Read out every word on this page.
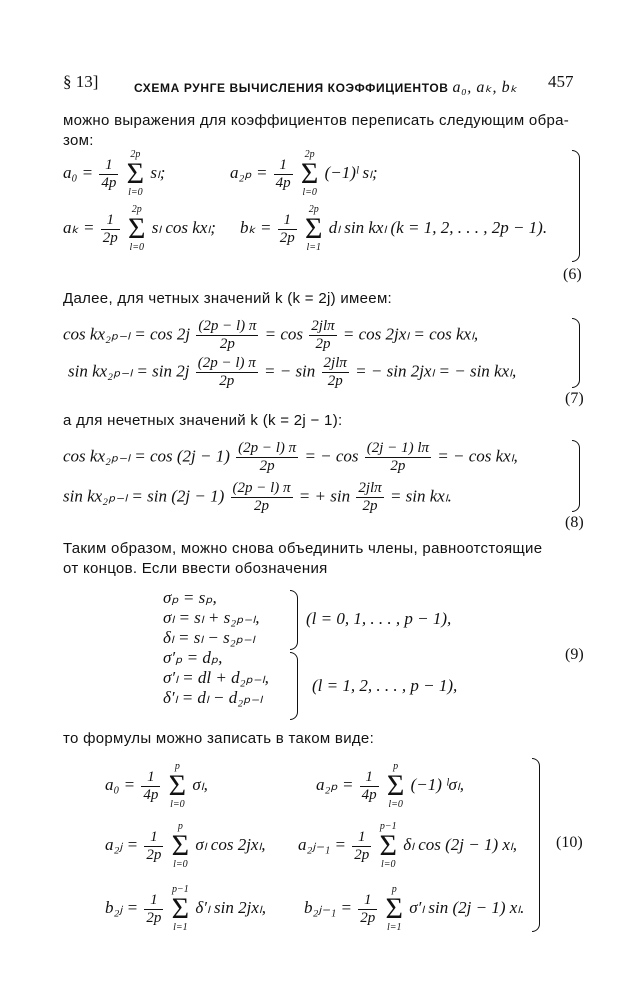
§ 13]	СХЕМА РУНГЕ ВЫЧИСЛЕНИЯ КОЭФФИЦИЕНТОВ a₀, aₖ, bₖ 457
можно выражения для коэффициентов переписать следующим обра-
зом:
$a_0 = \frac{1}{4p}$

2p
Σ
l=0
sₗ;	$a_{2p} = \frac{1}{4p}$

2p
Σ
l=0
(−1)ˡ sₗ;
$a_k = \frac{1}{2p}$

2p
Σ
l=0
sₗ cos kxₗ; $b_k = \frac{1}{2p}$

2p
Σ
l=1
dₗ sin kxₗ (k = 1, 2, . . . , 2p − 1).
(6)
Далее, для четных значений k (k = 2j) имеем:
$\cos kx_{2p-l} = \cos 2j \frac{(2p - l) \pi}{2p} = \cos \frac{\text{2jlπ}}{2p} = \cos 2jx_l = \cos kx_l$,
$\sin kx_{2p-l} = \sin 2j \frac{(2p - l) \pi}{2p}$ = − $\sin \frac{\text{2jlπ}}{2p}$ = − sin 2jxₗ = − sin kxₗ,
(7)
а для нечетных значений k (k = 2j − 1):
$\cos kx_{2p-l} = \cos (2j - 1) \frac{(2p - l) \pi}{2p}$ = − $\cos \frac{(2j - 1) l\pi}{2p}$ = − cos kxₗ,
$\sin kx_{2p-l} = \sin (2j - 1) \frac{(2p - l) \pi}{2p}$ = + $\sin \frac{\text{2jlπ}}{2p} = \sin kx_l$.
(8)
Таким образом, можно снова объединить члены, равноотстоящие
от концов. Если ввести обозначения
σₚ = sₚ,
σₗ = sₗ + s₂ₚ₋ₗ,
δₗ = sₗ − s₂ₚ₋ₗ
σ′ₚ = dₚ,
σ′ₗ = dl + d₂ₚ₋ₗ,
δ′ₗ = dₗ − d₂ₚ₋ₗ
(l = 0, 1, . . . , p − 1),
(l = 1, 2, . . . , p − 1),
(9)
то формулы можно записать в таком виде:
$a_0 = \frac{1}{4p}$

p
Σ
l=0
σₗ,	$a_{2p} = \frac{1}{4p}$

p
Σ
l=0
(−1) ˡσₗ,
a₂ⱼ = $\frac{1}{2p}$

p
Σ
l=0
σₗ cos 2jxₗ, a₂ⱼ₋₁ = $\frac{1}{2p}$

p−1
Σ
l=0
δₗ cos (2j − 1) xₗ,
b₂ⱼ = $\frac{1}{2p}$

p−1
Σ
l=1
δ′ₗ sin 2jxₗ, b₂ⱼ₋₁ = $\frac{1}{2p}$

p
Σ
l=1
σ′ₗ sin (2j − 1) xₗ.
(10)
